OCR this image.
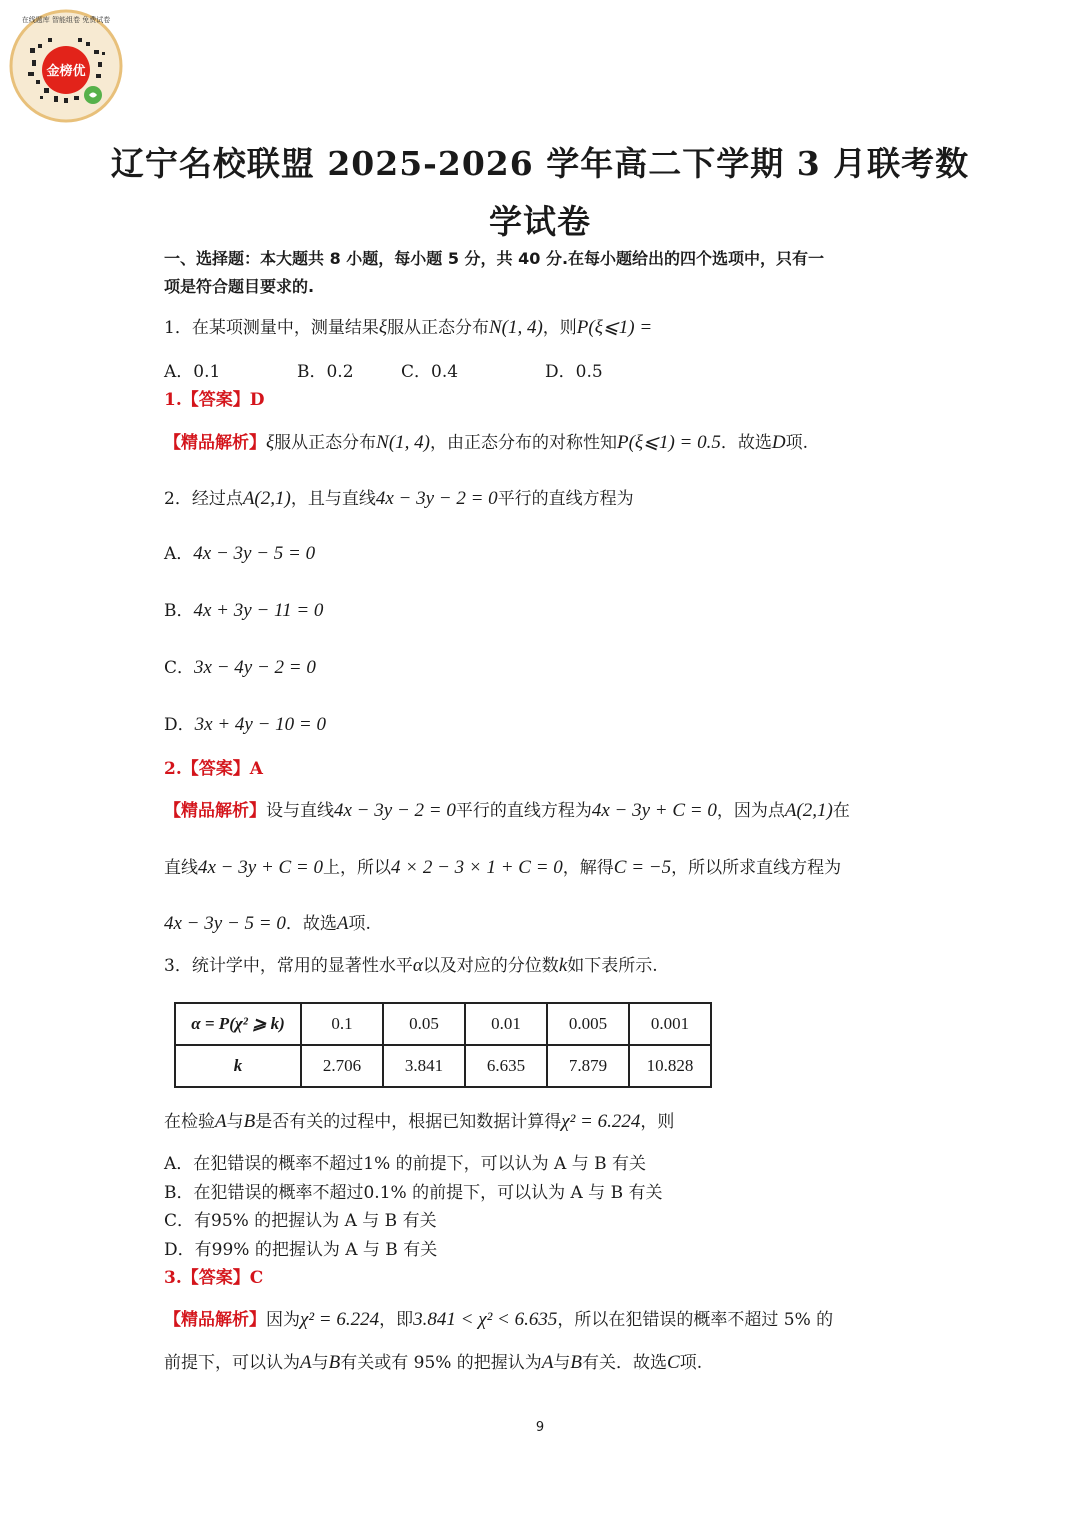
金榜优
在线题库 智能组卷 免费试卷
辽宁名校联盟 2025-2026 学年高二下学期 3 月联考数
学试卷
一、选择题：本大题共 8 小题，每小题 5 分，共 40 分.在每小题给出的四个选项中，只有一
项是符合题目要求的.
1．在某项测量中，测量结果ξ服从正态分布N(1, 4)，则P(ξ⩽1) =
A．0.1	B．0.2	C．0.4	D．0.5
1.【答案】D
【精品解析】ξ服从正态分布N(1, 4)，由正态分布的对称性知P(ξ⩽1) = 0.5．故选D项.
2．经过点A(2,1)，且与直线4x − 3y − 2 = 0平行的直线方程为
A．4x − 3y − 5 = 0
B．4x + 3y − 11 = 0
C．3x − 4y − 2 = 0
D．3x + 4y − 10 = 0
2.【答案】A
【精品解析】设与直线4x − 3y − 2 = 0平行的直线方程为4x − 3y + C = 0，因为点A(2,1)在
直线4x − 3y + C = 0上，所以4 × 2 − 3 × 1 + C = 0，解得C = −5，所以所求直线方程为
4x − 3y − 5 = 0．故选A项.
3．统计学中，常用的显著性水平α以及对应的分位数k如下表所示.
α = P(χ² ⩾ k)	0.1	0.05	0.01	0.005	0.001
k	2.706	3.841	6.635	7.879	10.828
在检验A与B是否有关的过程中，根据已知数据计算得χ² = 6.224，则
A．在犯错误的概率不超过1% 的前提下，可以认为 A 与 B 有关
B．在犯错误的概率不超过0.1% 的前提下，可以认为 A 与 B 有关
C．有95% 的把握认为 A 与 B 有关
D．有99% 的把握认为 A 与 B 有关
3.【答案】C
【精品解析】因为χ² = 6.224，即3.841 < χ² < 6.635，所以在犯错误的概率不超过 5% 的
前提下，可以认为A与B有关或有 95% 的把握认为A与B有关．故选C项.
9
